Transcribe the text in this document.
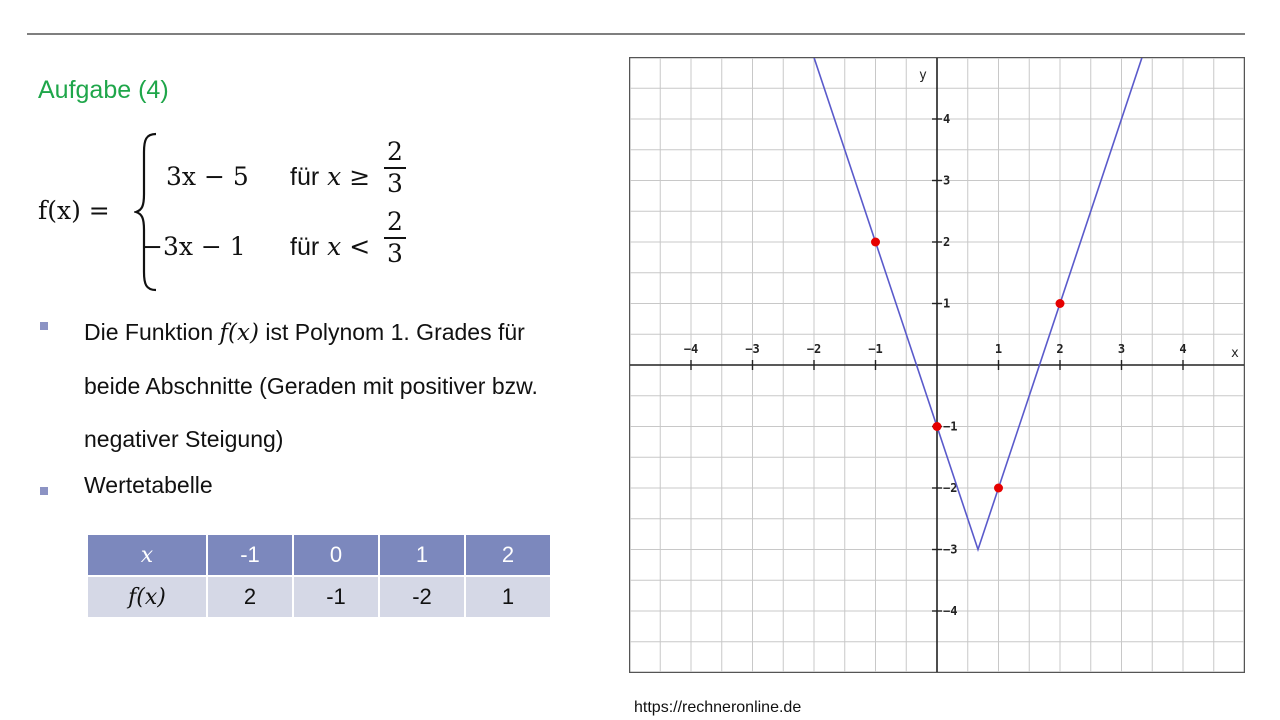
Aufgabe (4)
f(x) =
3x − 5
−3x − 1
für x ≥
2
3
für x <
2
3
Die Funktion f(x) ist Polynom 1. Grades für
beide Abschnitte (Geraden mit positiver bzw.
negativer Steigung)
Wertetabelle
x	-1	0	1	2
f(x)	2	-1	-2	1
−4	−3	−2	−1	1	2	3	4
4
3
2
1
−1
−2
−3
−4
x
y
https://rechneronline.de
